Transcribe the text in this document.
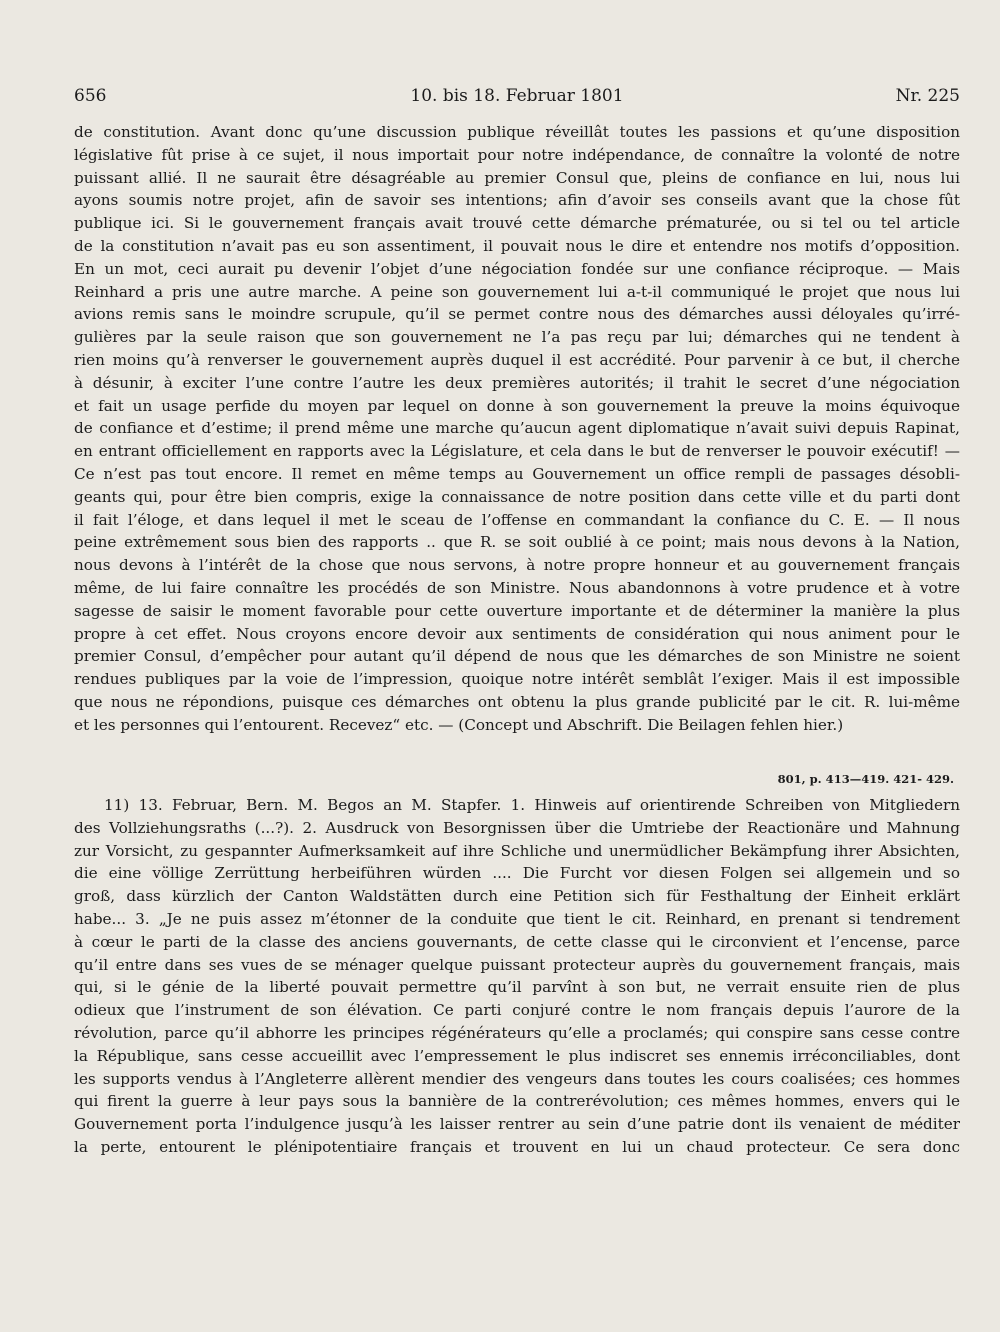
10. bis 18. Februar 1801
656	Nr. 225
de constitution. Avant donc qu’une discussion publique réveillât toutes les passions et qu’une disposition
législative fût prise à ce sujet, il nous importait pour notre indépendance, de connaître la volonté de notre
puissant allié. Il ne saurait être désagréable au premier Consul que, pleins de confiance en lui, nous lui
ayons soumis notre projet, afin de savoir ses intentions; afin d’avoir ses conseils avant que la chose fût
publique ici. Si le gouvernement français avait trouvé cette démarche prématurée, ou si tel ou tel article
de la constitution n’avait pas eu son assentiment, il pouvait nous le dire et entendre nos motifs d’opposition.
En un mot, ceci aurait pu devenir l’objet d’une négociation fondée sur une confiance réciproque. — Mais
Reinhard a pris une autre marche. A peine son gouvernement lui a-t-il communiqué le projet que nous lui
avions remis sans le moindre scrupule, qu’il se permet contre nous des démarches aussi déloyales qu’irré-
gulières par la seule raison que son gouvernement ne l’a pas reçu par lui; démarches qui ne tendent à
rien moins qu’à renverser le gouvernement auprès duquel il est accrédité. Pour parvenir à ce but, il cherche
à désunir, à exciter l’une contre l’autre les deux premières autorités; il trahit le secret d’une négociation
et fait un usage perfide du moyen par lequel on donne à son gouvernement la preuve la moins équivoque
de confiance et d’estime; il prend même une marche qu’aucun agent diplomatique n’avait suivi depuis Rapinat,
en entrant officiellement en rapports avec la Législature, et cela dans le but de renverser le pouvoir exécutif! —
Ce n’est pas tout encore. Il remet en même temps au Gouvernement un office rempli de passages désobli-
geants qui, pour être bien compris, exige la connaissance de notre position dans cette ville et du parti dont
il fait l’éloge, et dans lequel il met le sceau de l’offense en commandant la confiance du C. E. — Il nous
peine extrêmement sous bien des rapports .. que R. se soit oublié à ce point; mais nous devons à la Nation,
nous devons à l’intérêt de la chose que nous servons, à notre propre honneur et au gouvernement français
même, de lui faire connaître les procédés de son Ministre. Nous abandonnons à votre prudence et à votre
sagesse de saisir le moment favorable pour cette ouverture importante et de déterminer la manière la plus
propre à cet effet. Nous croyons encore devoir aux sentiments de considération qui nous animent pour le
premier Consul, d’empêcher pour autant qu’il dépend de nous que les démarches de son Ministre ne soient
rendues publiques par la voie de l’impression, quoique notre intérêt semblât l’exiger. Mais il est impossible
que nous ne répondions, puisque ces démarches ont obtenu la plus grande publicité par le cit. R. lui-même
et les personnes qui l’entourent. Recevez“ etc. — (Concept und Abschrift. Die Beilagen fehlen hier.)
801, p. 413—419. 421- 429.
11) 13. Februar, Bern. M. Begos an M. Stapfer. 1. Hinweis auf orientirende Schreiben von Mitgliedern
des Vollziehungsraths (...?). 2. Ausdruck von Besorgnissen über die Umtriebe der Reactionäre und Mahnung
zur Vorsicht, zu gespannter Aufmerksamkeit auf ihre Schliche und unermüdlicher Bekämpfung ihrer Absichten,
die eine völlige Zerrüttung herbeiführen würden .... Die Furcht vor diesen Folgen sei allgemein und so
groß, dass kürzlich der Canton Waldstätten durch eine Petition sich für Festhaltung der Einheit erklärt
habe... 3. „Je ne puis assez m’étonner de la conduite que tient le cit. Reinhard, en prenant si tendrement
à cœur le parti de la classe des anciens gouvernants, de cette classe qui le circonvient et l’encense, parce
qu’il entre dans ses vues de se ménager quelque puissant protecteur auprès du gouvernement français, mais
qui, si le génie de la liberté pouvait permettre qu’il parvînt à son but, ne verrait ensuite rien de plus
odieux que l’instrument de son élévation. Ce parti conjuré contre le nom français depuis l’aurore de la
révolution, parce qu’il abhorre les principes régénérateurs qu’elle a proclamés; qui conspire sans cesse contre
la République, sans cesse accueillit avec l’empressement le plus indiscret ses ennemis irréconciliables, dont
les supports vendus à l’Angleterre allèrent mendier des vengeurs dans toutes les cours coalisées; ces hommes
qui firent la guerre à leur pays sous la bannière de la contrerévolution; ces mêmes hommes, envers qui le
Gouvernement porta l’indulgence jusqu’à les laisser rentrer au sein d’une patrie dont ils venaient de méditer
la perte, entourent le plénipotentiaire français et trouvent en lui un chaud protecteur. Ce sera donc
